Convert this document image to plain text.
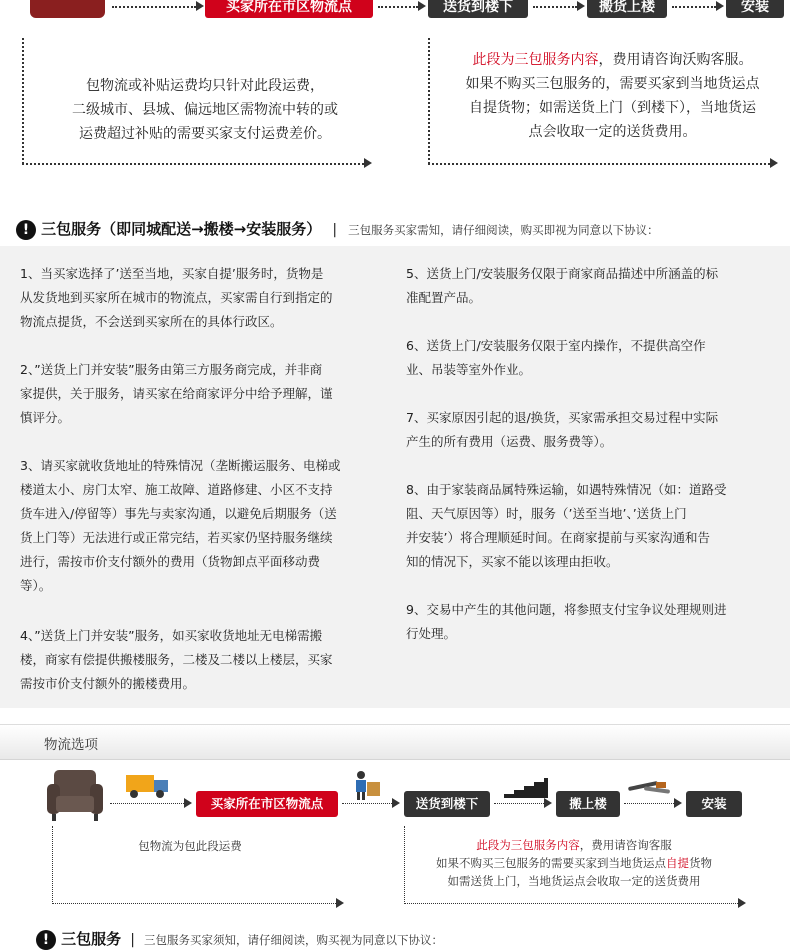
买家所在市区物流点	送货到楼下	搬货上楼	安装
包物流或补贴运费均只针对此段运费，
二级城市、县城、偏远地区需物流中转的或
运费超过补贴的需要买家支付运费差价。
此段为三包服务内容，费用请咨询沃购客服。
如果不购买三包服务的，需要买家到当地货运点
自提货物；如需送货上门（到楼下），当地货运
点会收取一定的送货费用。
! 三包服务（即同城配送→搬楼→安装服务） | 三包服务买家需知，请仔细阅读，购买即视为同意以下协议：
1、当买家选择了’送至当地，买家自提’服务时，货物是
从发货地到买家所在城市的物流点，买家需自行到指定的
物流点提货，不会送到买家所在的具体行政区。
2、”送货上门并安装”服务由第三方服务商完成，并非商
家提供，关于服务，请买家在给商家评分中给予理解，谨
慎评分。
3、请买家就收货地址的特殊情况（垄断搬运服务、电梯或
楼道太小、房门太窄、施工故障、道路修建、小区不支持
货车进入/停留等）事先与卖家沟通，以避免后期服务（送
货上门等）无法进行或正常完结，若买家仍坚持服务继续
进行，需按市价支付额外的费用（货物卸点平面移动费
等）。
4、”送货上门并安装”服务，如买家收货地址无电梯需搬
楼，商家有偿提供搬楼服务，二楼及二楼以上楼层，买家
需按市价支付额外的搬楼费用。
5、送货上门/安装服务仅限于商家商品描述中所涵盖的标
准配置产品。
6、送货上门/安装服务仅限于室内操作，不提供高空作
业、吊装等室外作业。
7、买家原因引起的退/换货，买家需承担交易过程中实际
产生的所有费用（运费、服务费等）。
8、由于家装商品属特殊运输，如遇特殊情况（如：道路受
阻、天气原因等）时，服务（’送至当地’、’送货上门
并安装’）将合理顺延时间。在商家提前与买家沟通和告
知的情况下，买家不能以该理由拒收。
9、交易中产生的其他问题，将参照支付宝争议处理规则进
行处理。
物流选项
买家所在市区物流点	送货到楼下	搬上楼	安装
包物流为包此段运费	此段为三包服务内容，费用请咨询客服
如果不购买三包服务的需要买家到当地货运点自提货物
如需送货上门，当地货运点会收取一定的送货费用
! 三包服务 | 三包服务买家须知，请仔细阅读，购买视为同意以下协议：
